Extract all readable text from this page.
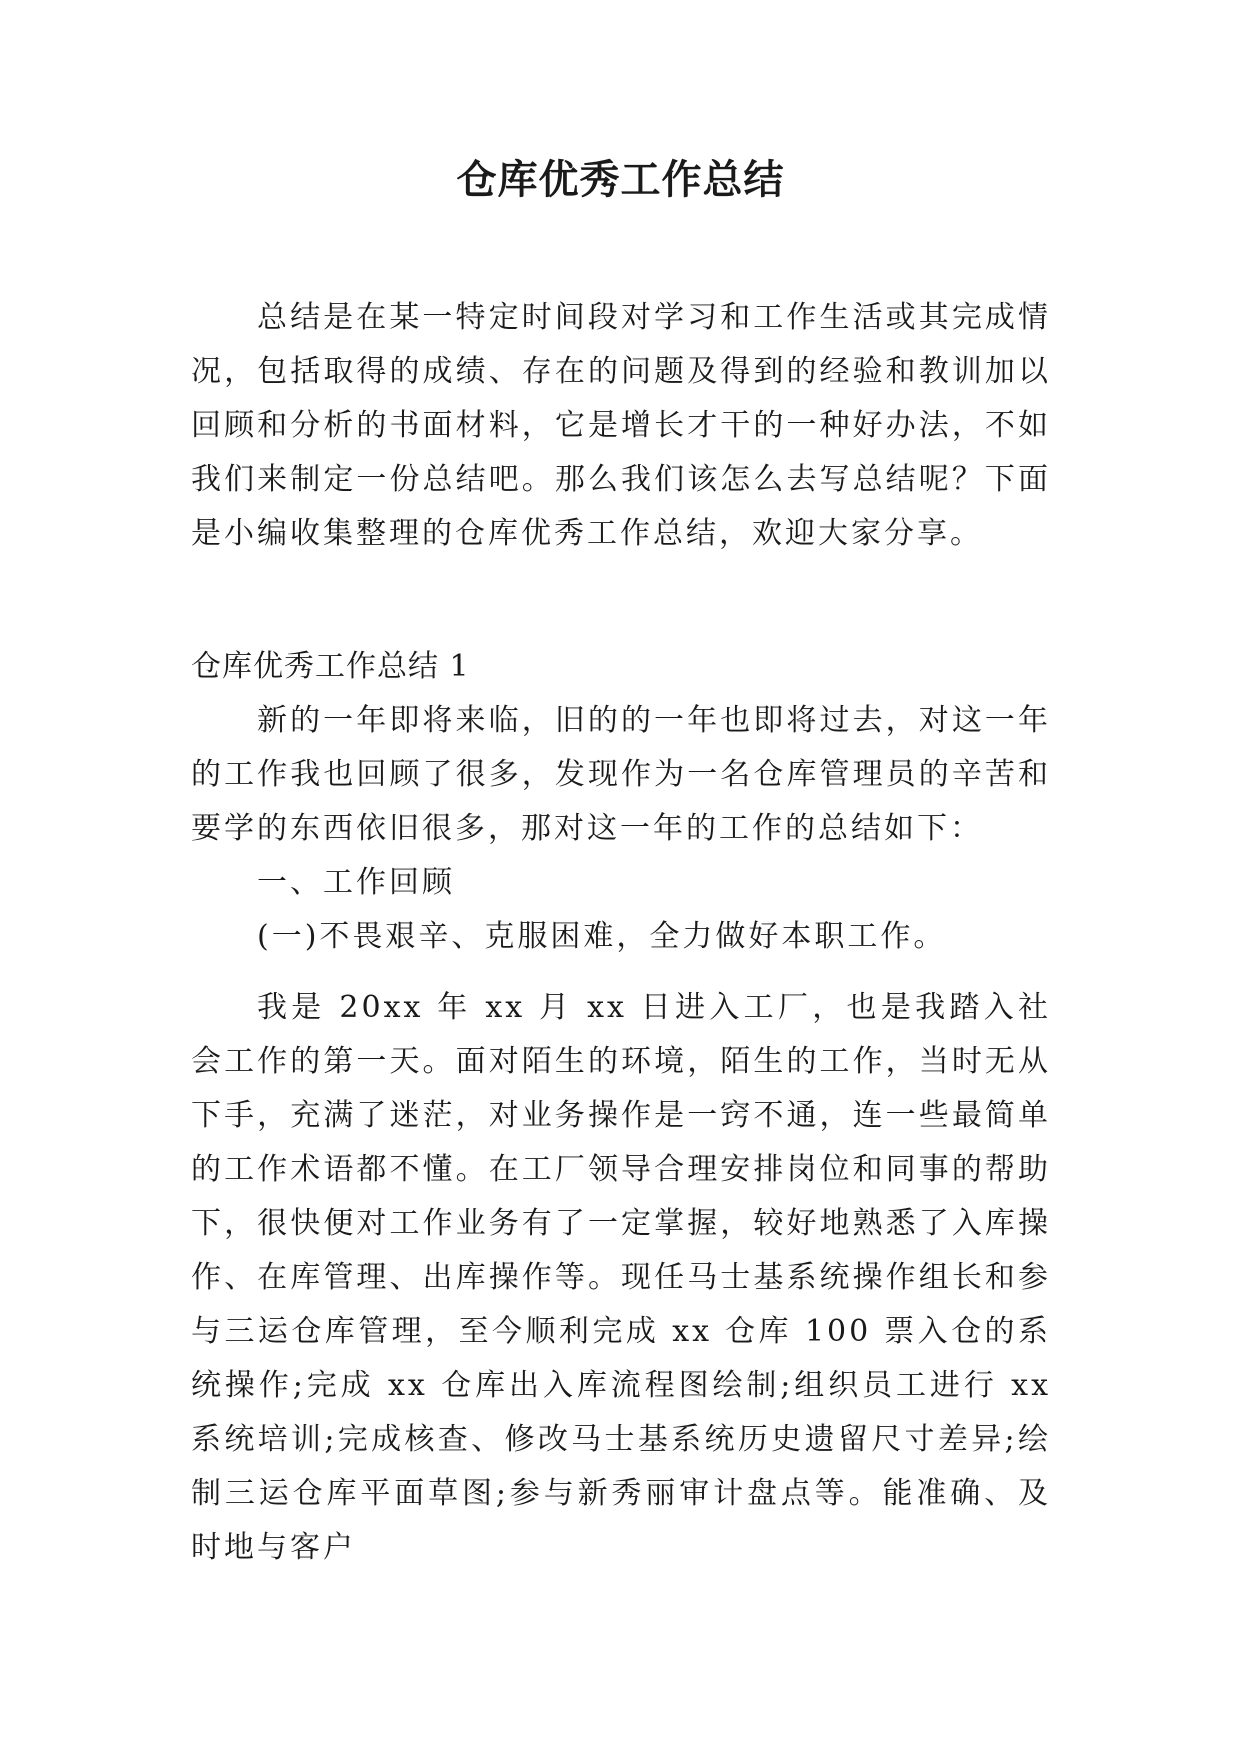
仓库优秀工作总结

总结是在某一特定时间段对学习和工作生活或其完成情况，包括取得的成绩、存在的问题及得到的经验和教训加以回顾和分析的书面材料，它是增长才干的一种好办法，不如我们来制定一份总结吧。那么我们该怎么去写总结呢？下面是小编收集整理的仓库优秀工作总结，欢迎大家分享。

仓库优秀工作总结 1

新的一年即将来临，旧的的一年也即将过去，对这一年的工作我也回顾了很多，发现作为一名仓库管理员的辛苦和要学的东西依旧很多，那对这一年的工作的总结如下：

一、工作回顾

(一)不畏艰辛、克服困难，全力做好本职工作。

我是 20xx 年 xx 月 xx 日进入工厂，也是我踏入社会工作的第一天。面对陌生的环境，陌生的工作，当时无从下手，充满了迷茫，对业务操作是一窍不通，连一些最简单的工作术语都不懂。在工厂领导合理安排岗位和同事的帮助下，很快便对工作业务有了一定掌握，较好地熟悉了入库操作、在库管理、出库操作等。现任马士基系统操作组长和参与三运仓库管理，至今顺利完成 xx 仓库 100 票入仓的系统操作;完成 xx 仓库出入库流程图绘制;组织员工进行 xx 系统培训;完成核查、修改马士基系统历史遗留尺寸差异;绘制三运仓库平面草图;参与新秀丽审计盘点等。能准确、及时地与客户
